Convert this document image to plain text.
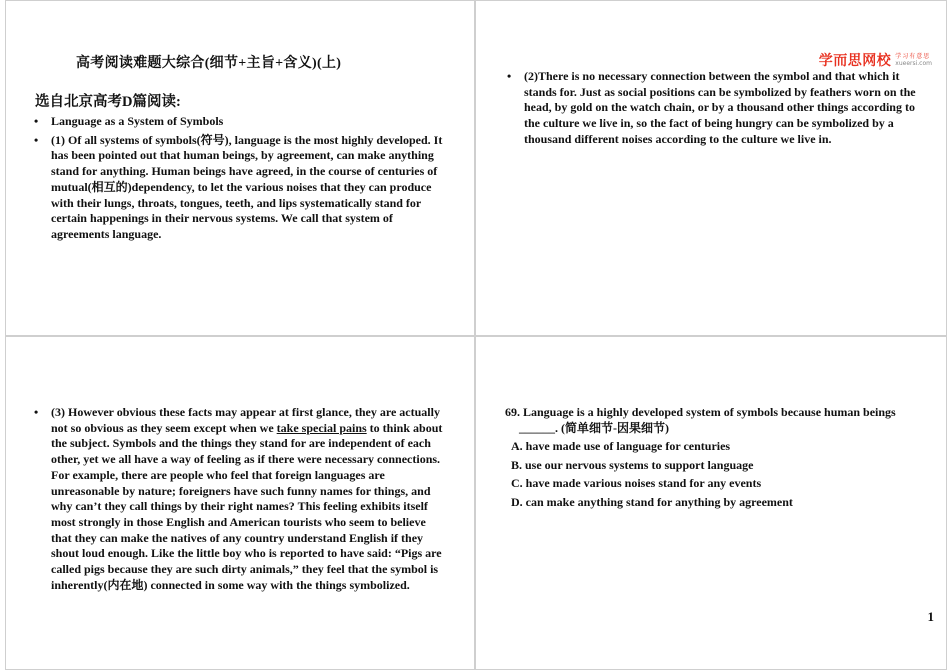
高考阅读难题大综合(细节+主旨+含义)(上)
选自北京高考D篇阅读:
• Language as a System of Symbols
• (1) Of all systems of symbols(符号), language is the most highly developed. It has been pointed out that human beings, by agreement, can make anything stand for anything. Human beings have agreed, in the course of centuries of mutual(相互的)dependency, to let the various noises that they can produce with their lungs, throats, tongues, teeth, and lips systematically stand for certain happenings in their nervous systems. We call that system of agreements language.
学而思网校 学习有意思
xueersi.com
• (2)There is no necessary connection between the symbol and that which it stands for. Just as social positions can be symbolized by feathers worn on the head, by gold on the watch chain, or by a thousand other things according to the culture we live in, so the fact of being hungry can be symbolized by a thousand different noises according to the culture we live in.
• (3) However obvious these facts may appear at first glance, they are actually not so obvious as they seem except when we take special pains to think about the subject. Symbols and the things they stand for are independent of each other, yet we all have a way of feeling as if there were necessary connections. For example, there are people who feel that foreign languages are unreasonable by nature; foreigners have such funny names for things, and why can’t they call things by their right names? This feeling exhibits itself most strongly in those English and American tourists who seem to believe that they can make the natives of any country understand English if they shout loud enough. Like the little boy who is reported to have said: “Pigs are called pigs because they are such dirty animals,” they feel that the symbol is inherently(内在地) connected in some way with the things symbolized.
69. Language is a highly developed system of symbols because human beings ______. (简单细节-因果细节)
A. have made use of language for centuries
B. use our nervous systems to support language
C. have made various noises stand for any events
D. can make anything stand for anything by agreement
1
